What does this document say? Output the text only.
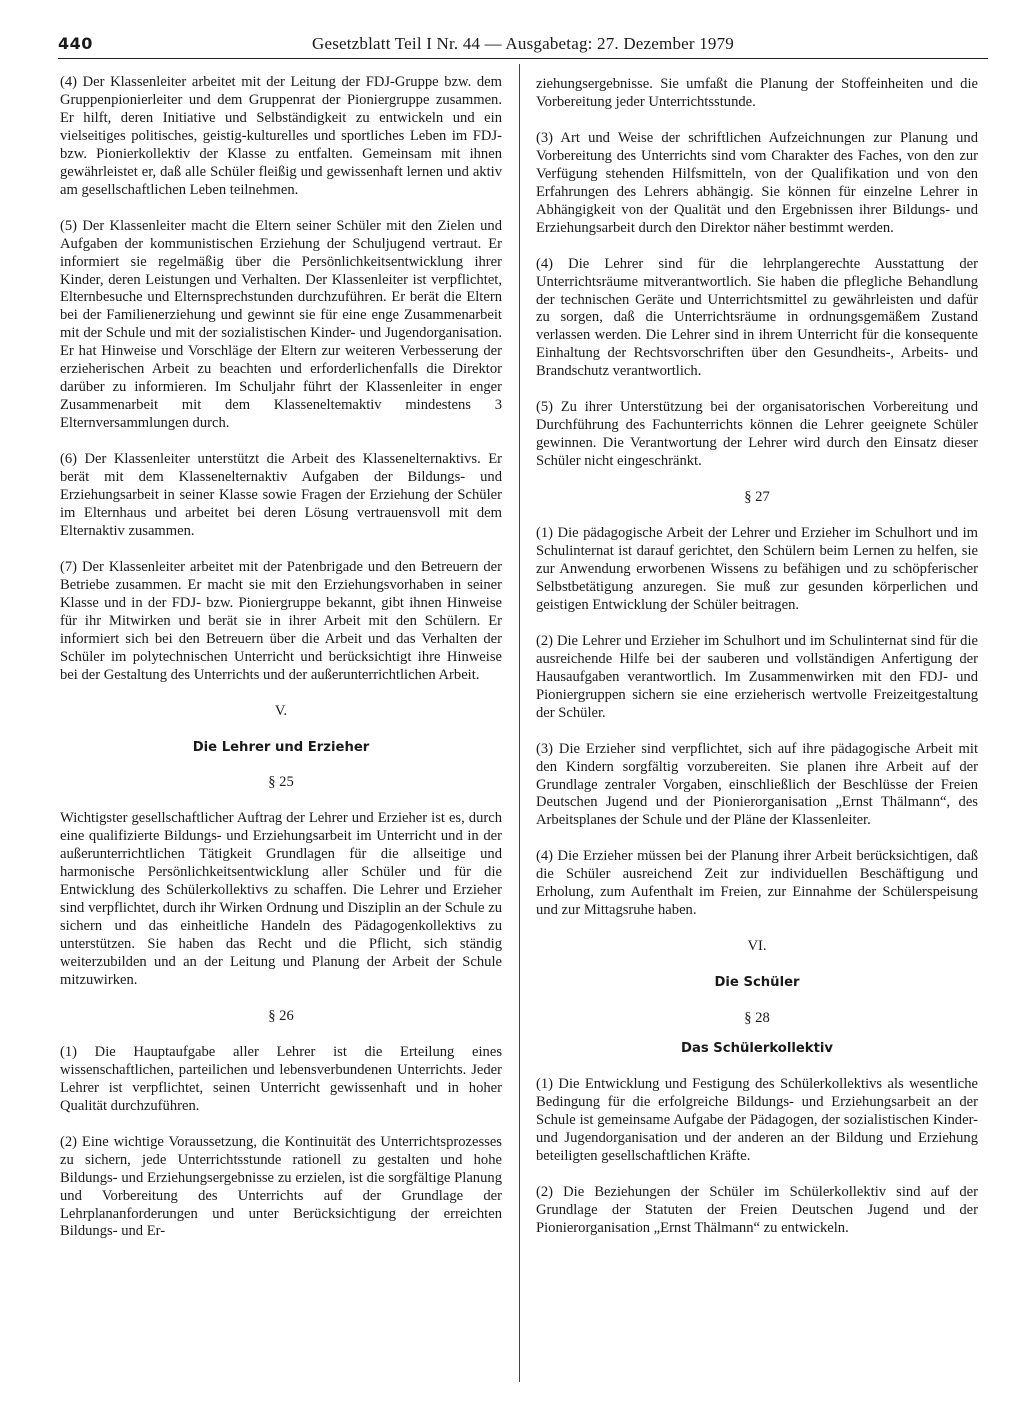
440	Gesetzblatt Teil I Nr. 44 — Ausgabetag: 27. Dezember 1979

(4) Der Klassenleiter arbeitet mit der Leitung der FDJ-Gruppe bzw. dem Gruppenpionierleiter und dem Gruppenrat der Pioniergruppe zusammen. Er hilft, deren Initiative und Selbständigkeit zu entwickeln und ein vielseitiges politisches, geistig-kulturelles und sportliches Leben im FDJ- bzw. Pionierkollektiv der Klasse zu entfalten. Gemeinsam mit ihnen gewährleistet er, daß alle Schüler fleißig und gewissenhaft lernen und aktiv am gesellschaftlichen Leben teilnehmen.

(5) Der Klassenleiter macht die Eltern seiner Schüler mit den Zielen und Aufgaben der kommunistischen Erziehung der Schuljugend vertraut. Er informiert sie regelmäßig über die Persönlichkeitsentwicklung ihrer Kinder, deren Leistungen und Verhalten. Der Klassenleiter ist verpflichtet, Elternbesuche und Elternsprechstunden durchzuführen. Er berät die Eltern bei der Familienerziehung und gewinnt sie für eine enge Zusammenarbeit mit der Schule und mit der sozialistischen Kinder- und Jugendorganisation. Er hat Hinweise und Vorschläge der Eltern zur weiteren Verbesserung der erzieherischen Arbeit zu beachten und erforderlichenfalls die Direktor darüber zu informieren. Im Schuljahr führt der Klassenleiter in enger Zusammenarbeit mit dem Klasseneltemaktiv mindestens 3 Elternversammlungen durch.

(6) Der Klassenleiter unterstützt die Arbeit des Klassenelternaktivs. Er berät mit dem Klassenelternaktiv Aufgaben der Bildungs- und Erziehungsarbeit in seiner Klasse sowie Fragen der Erziehung der Schüler im Elternhaus und arbeitet bei deren Lösung vertrauensvoll mit dem Elternaktiv zusammen.

(7) Der Klassenleiter arbeitet mit der Patenbrigade und den Betreuern der Betriebe zusammen. Er macht sie mit den Erziehungsvorhaben in seiner Klasse und in der FDJ- bzw. Pioniergruppe bekannt, gibt ihnen Hinweise für ihr Mitwirken und berät sie in ihrer Arbeit mit den Schülern. Er informiert sich bei den Betreuern über die Arbeit und das Verhalten der Schüler im polytechnischen Unterricht und berücksichtigt ihre Hinweise bei der Gestaltung des Unterrichts und der außerunterrichtlichen Arbeit.

V.

Die Lehrer und Erzieher

§ 25

Wichtigster gesellschaftlicher Auftrag der Lehrer und Erzieher ist es, durch eine qualifizierte Bildungs- und Erziehungsarbeit im Unterricht und in der außerunterrichtlichen Tätigkeit Grundlagen für die allseitige und harmonische Persönlichkeitsentwicklung aller Schüler und für die Entwicklung des Schülerkollektivs zu schaffen. Die Lehrer und Erzieher sind verpflichtet, durch ihr Wirken Ordnung und Disziplin an der Schule zu sichern und das einheitliche Handeln des Pädagogenkollektivs zu unterstützen. Sie haben das Recht und die Pflicht, sich ständig weiterzubilden und an der Leitung und Planung der Arbeit der Schule mitzuwirken.

§ 26

(1) Die Hauptaufgabe aller Lehrer ist die Erteilung eines wissenschaftlichen, parteilichen und lebensverbundenen Unterrichts. Jeder Lehrer ist verpflichtet, seinen Unterricht gewissenhaft und in hoher Qualität durchzuführen.

(2) Eine wichtige Voraussetzung, die Kontinuität des Unterrichtsprozesses zu sichern, jede Unterrichtsstunde rationell zu gestalten und hohe Bildungs- und Erziehungsergebnisse zu erzielen, ist die sorgfältige Planung und Vorbereitung des Unterrichts auf der Grundlage der Lehrplananforderungen und unter Berücksichtigung der erreichten Bildungs- und Er-

ziehungsergebnisse. Sie umfaßt die Planung der Stoffeinheiten und die Vorbereitung jeder Unterrichtsstunde.

(3) Art und Weise der schriftlichen Aufzeichnungen zur Planung und Vorbereitung des Unterrichts sind vom Charakter des Faches, von den zur Verfügung stehenden Hilfsmitteln, von der Qualifikation und von den Erfahrungen des Lehrers abhängig. Sie können für einzelne Lehrer in Abhängigkeit von der Qualität und den Ergebnissen ihrer Bildungs- und Erziehungsarbeit durch den Direktor näher bestimmt werden.

(4) Die Lehrer sind für die lehrplangerechte Ausstattung der Unterrichtsräume mitverantwortlich. Sie haben die pflegliche Behandlung der technischen Geräte und Unterrichtsmittel zu gewährleisten und dafür zu sorgen, daß die Unterrichtsräume in ordnungsgemäßem Zustand verlassen werden. Die Lehrer sind in ihrem Unterricht für die konsequente Einhaltung der Rechtsvorschriften über den Gesundheits-, Arbeits- und Brandschutz verantwortlich.

(5) Zu ihrer Unterstützung bei der organisatorischen Vorbereitung und Durchführung des Fachunterrichts können die Lehrer geeignete Schüler gewinnen. Die Verantwortung der Lehrer wird durch den Einsatz dieser Schüler nicht eingeschränkt.

§ 27

(1) Die pädagogische Arbeit der Lehrer und Erzieher im Schulhort und im Schulinternat ist darauf gerichtet, den Schülern beim Lernen zu helfen, sie zur Anwendung erworbenen Wissens zu befähigen und zu schöpferischer Selbstbetätigung anzuregen. Sie muß zur gesunden körperlichen und geistigen Entwicklung der Schüler beitragen.

(2) Die Lehrer und Erzieher im Schulhort und im Schulinternat sind für die ausreichende Hilfe bei der sauberen und vollständigen Anfertigung der Hausaufgaben verantwortlich. Im Zusammenwirken mit den FDJ- und Pioniergruppen sichern sie eine erzieherisch wertvolle Freizeitgestaltung der Schüler.

(3) Die Erzieher sind verpflichtet, sich auf ihre pädagogische Arbeit mit den Kindern sorgfältig vorzubereiten. Sie planen ihre Arbeit auf der Grundlage zentraler Vorgaben, einschließlich der Beschlüsse der Freien Deutschen Jugend und der Pionierorganisation „Ernst Thälmann“, des Arbeitsplanes der Schule und der Pläne der Klassenleiter.

(4) Die Erzieher müssen bei der Planung ihrer Arbeit berücksichtigen, daß die Schüler ausreichend Zeit zur individuellen Beschäftigung und Erholung, zum Aufenthalt im Freien, zur Einnahme der Schülerspeisung und zur Mittagsruhe haben.

VI.

Die Schüler

§ 28

Das Schülerkollektiv

(1) Die Entwicklung und Festigung des Schülerkollektivs als wesentliche Bedingung für die erfolgreiche Bildungs- und Erziehungsarbeit an der Schule ist gemeinsame Aufgabe der Pädagogen, der sozialistischen Kinder- und Jugendorganisation und der anderen an der Bildung und Erziehung beteiligten gesellschaftlichen Kräfte.

(2) Die Beziehungen der Schüler im Schülerkollektiv sind auf der Grundlage der Statuten der Freien Deutschen Jugend und der Pionierorganisation „Ernst Thälmann“ zu entwickeln.
